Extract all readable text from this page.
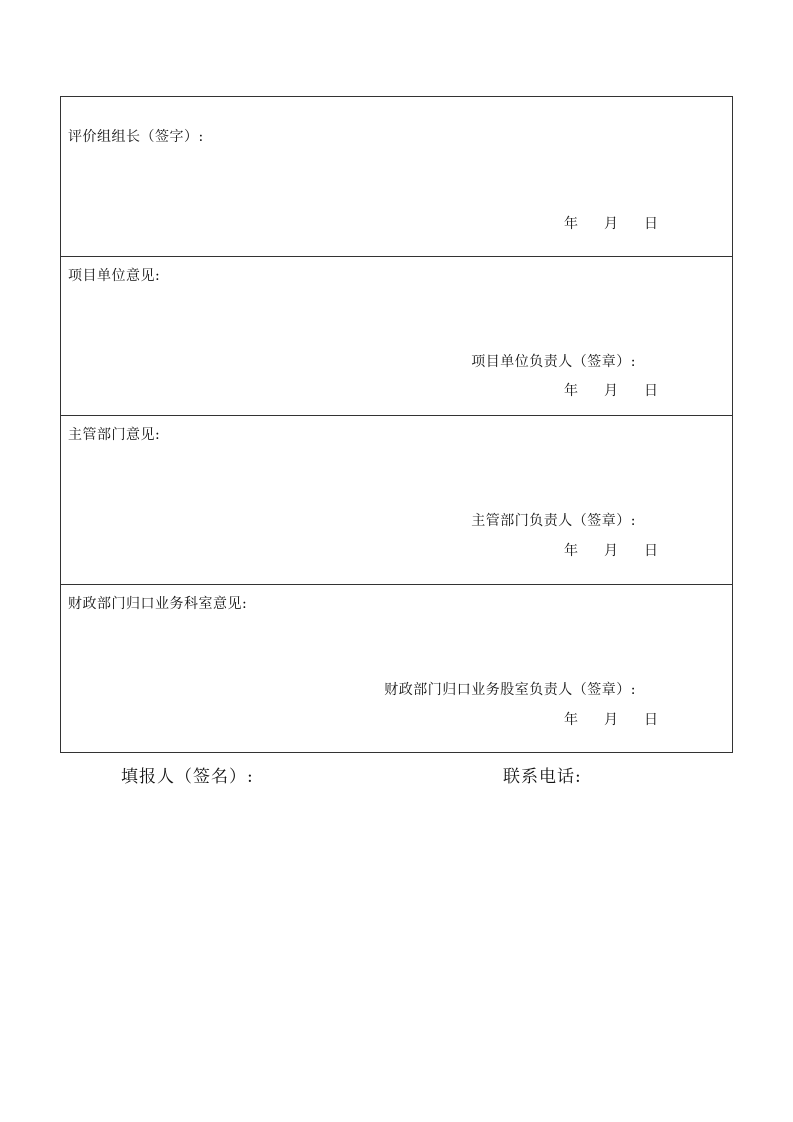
评价组组长（签字）:
年 月 日
项目单位意见:
项目单位负责人（签章）:
年 月 日
主管部门意见:
主管部门负责人（签章）:
年 月 日
财政部门归口业务科室意见:
财政部门归口业务股室负责人（签章）:
年 月 日
填报人（签名）:	联系电话:
